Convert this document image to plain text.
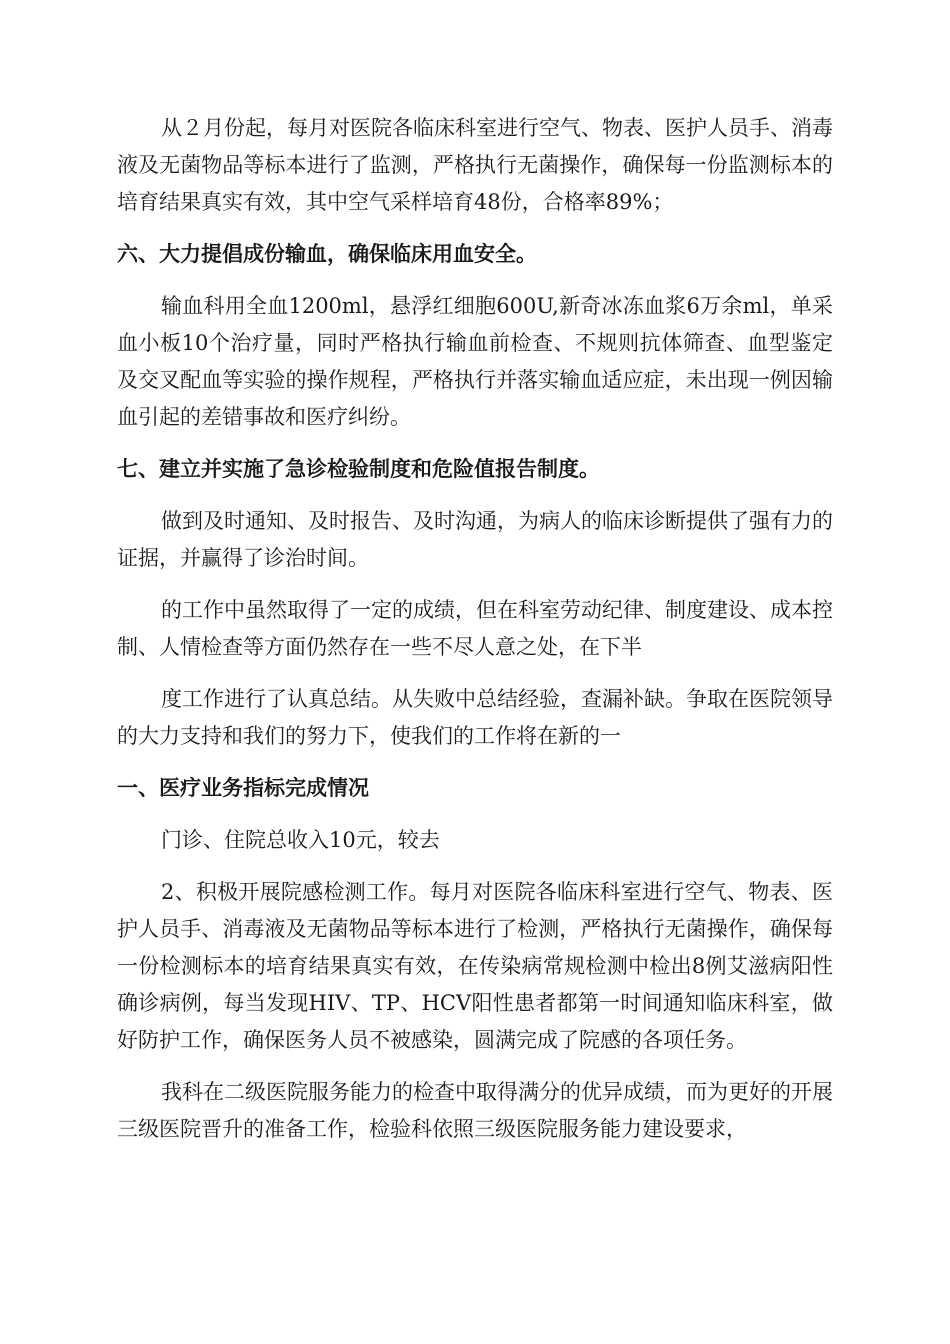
从２月份起，每月对医院各临床科室进行空气、物表、医护人员手、消毒液及无菌物品等标本进行了监测，严格执行无菌操作，确保每一份监测标本的培育结果真实有效，其中空气采样培育48份，合格率89%；

六、大力提倡成份输血，确保临床用血安全。

输血科用全血1200ml，悬浮红细胞600U,新奇冰冻血浆6万余ml，单采血小板10个治疗量，同时严格执行输血前检查、不规则抗体筛查、血型鉴定及交叉配血等实验的操作规程，严格执行并落实输血适应症，未出现一例因输血引起的差错事故和医疗纠纷。

七、建立并实施了急诊检验制度和危险值报告制度。

做到及时通知、及时报告、及时沟通，为病人的临床诊断提供了强有力的证据，并赢得了诊治时间。

的工作中虽然取得了一定的成绩，但在科室劳动纪律、制度建设、成本控制、人情检查等方面仍然存在一些不尽人意之处，在下半

度工作进行了认真总结。从失败中总结经验，查漏补缺。争取在医院领导的大力支持和我们的努力下，使我们的工作将在新的一

一、医疗业务指标完成情况

门诊、住院总收入10元，较去

2、积极开展院感检测工作。每月对医院各临床科室进行空气、物表、医护人员手、消毒液及无菌物品等标本进行了检测，严格执行无菌操作，确保每一份检测标本的培育结果真实有效，在传染病常规检测中检出8例艾滋病阳性确诊病例，每当发现HIV、TP、HCV阳性患者都第一时间通知临床科室，做好防护工作，确保医务人员不被感染，圆满完成了院感的各项任务。

我科在二级医院服务能力的检查中取得满分的优异成绩，而为更好的开展三级医院晋升的准备工作，检验科依照三级医院服务能力建设要求，
